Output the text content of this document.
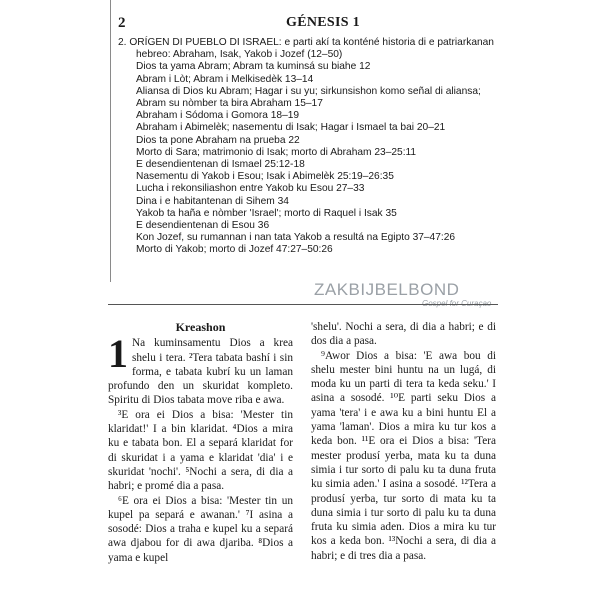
2	GÉNESIS 1
2. ORÍGEN DI PUEBLO DI ISRAEL: e parti akí ta konténé historia di e patriarkanan
hebreo: Abraham, Isak, Yakob i Jozef (12–50)
Dios ta yama Abram; Abram ta kuminsá su biahe 12
Abram i Lòt; Abram i Melkisedèk 13–14
Aliansa di Dios ku Abram; Hagar i su yu; sirkunsishon komo señal di aliansa;
Abram su nòmber ta bira Abraham 15–17
Abraham i Sódoma i Gomora 18–19
Abraham i Abimelèk; nasementu di Isak; Hagar i Ismael ta bai 20–21
Dios ta pone Abraham na prueba 22
Morto di Sara; matrimonio di Isak; morto di Abraham 23–25:11
E desendientenan di Ismael 25:12-18
Nasementu di Yakob i Esou; Isak i Abimelèk 25:19–26:35
Lucha i rekonsiliashon entre Yakob ku Esou 27–33
Dina i e habitantenan di Sihem 34
Yakob ta haña e nòmber 'Israel'; morto di Raquel i Isak 35
E desendientenan di Esou 36
Kon Jozef, su rumannan i nan tata Yakob a resultá na Egipto 37–47:26
Morto di Yakob; morto di Jozef 47:27–50:26
ZAKBIJBELBOND
Kreashon

1 Na kuminsamentu Dios a krea shelu i tera. ²Tera tabata bashí i sin forma, e tabata kubrí ku un laman profundo den un skuridat kompleto. Spiritu di Dios tabata move riba e awa.

³E ora ei Dios a bisa: 'Mester tin klaridat!' I a bin klaridat. ⁴Dios a mira ku e tabata bon. El a separá klaridat for di skuridat i a yama e klaridat 'dia' i e skuridat 'nochi'. ⁵Nochi a sera, di dia a habri; e promé dia a pasa.

⁶E ora ei Dios a bisa: 'Mester tin un kupel pa separá e awanan.' ⁷I asina a sosodé: Dios a traha e kupel ku a separá awa djabou for di awa djariba. ⁸Dios a yama e kupel

'shelu'. Nochi a sera, di dia a habri; e di dos dia a pasa.

⁹Awor Dios a bisa: 'E awa bou di shelu mester bini huntu na un lugá, di moda ku un parti di tera ta keda seku.' I asina a sosodé. ¹⁰E parti seku Dios a yama 'tera' i e awa ku a bini huntu El a yama 'laman'. Dios a mira ku tur kos a keda bon. ¹¹E ora ei Dios a bisa: 'Tera mester produsí yerba, mata ku ta duna simia i tur sorto di palu ku ta duna fruta ku simia aden.' I asina a sosodé. ¹²Tera a produsí yerba, tur sorto di mata ku ta duna simia i tur sorto di palu ku ta duna fruta ku simia aden. Dios a mira ku tur kos a keda bon. ¹³Nochi a sera, di dia a habri; e di tres dia a pasa.
